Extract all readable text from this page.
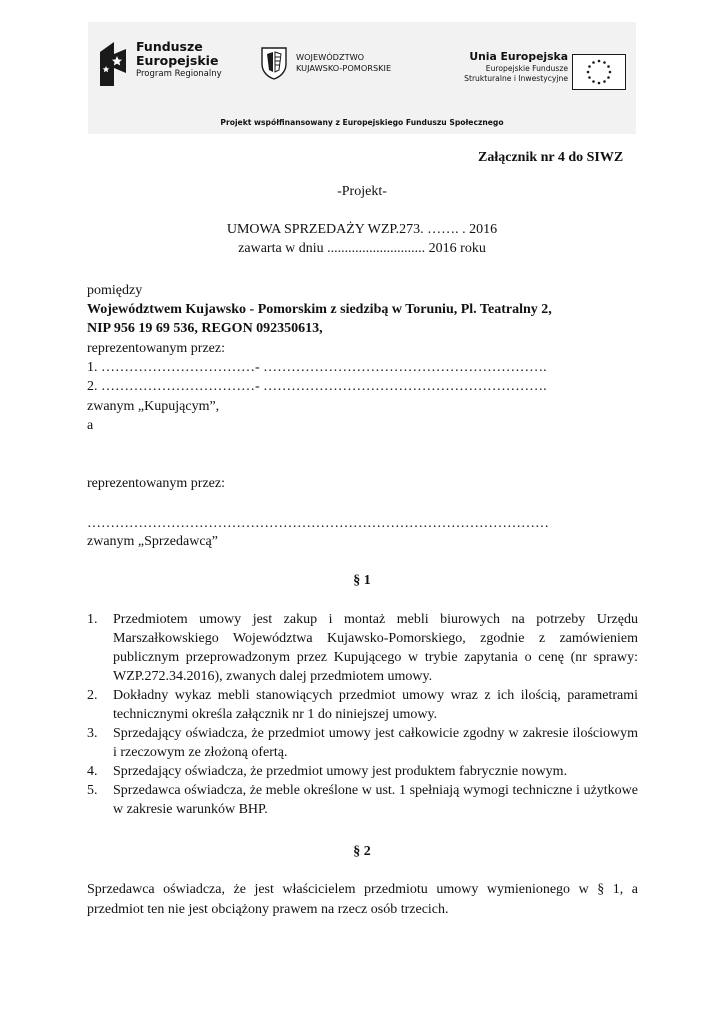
Fundusze
Europejskie
Program Regionalny
WOJEWÓDZTWO
KUJAWSKO-POMORSKIE
Unia Europejska
Europejskie Fundusze
Strukturalne i Inwestycyjne
Projekt współfinansowany z Europejskiego Funduszu Społecznego
Załącznik nr 4 do SIWZ
-Projekt-
UMOWA SPRZEDAŻY WZP.273. ……. . 2016
zawarta w dniu ............................ 2016 roku
pomiędzy
Województwem Kujawsko - Pomorskim z siedzibą w Toruniu, Pl. Teatralny 2,
NIP 956 19 69 536, REGON 092350613,
reprezentowanym przez:
1. ……………………………- …………………………………………………….
2. ……………………………- …………………………………………………….
zwanym „Kupującym”,
a
reprezentowanym przez:
………………………………………………………………………………………
zwanym „Sprzedawcą”
§ 1
1.	Przedmiotem umowy jest zakup i montaż mebli biurowych na potrzeby Urzędu Marszałkowskiego Województwa Kujawsko-Pomorskiego, zgodnie z zamówieniem publicznym przeprowadzonym przez Kupującego w trybie zapytania o cenę (nr sprawy: WZP.272.34.2016), zwanych dalej przedmiotem umowy.
2.	Dokładny wykaz mebli stanowiących przedmiot umowy wraz z ich ilością, parametrami technicznymi określa załącznik nr 1 do niniejszej umowy.
3.	Sprzedający oświadcza, że przedmiot umowy jest całkowicie zgodny w zakresie ilościowym i rzeczowym ze złożoną ofertą.
4.	Sprzedający oświadcza, że przedmiot umowy jest produktem fabrycznie nowym.
5.	Sprzedawca oświadcza, że meble określone w ust. 1 spełniają wymogi techniczne i użytkowe w zakresie warunków BHP.
§ 2

Sprzedawca oświadcza, że jest właścicielem przedmiotu umowy wymienionego w § 1, a przedmiot ten nie jest obciążony prawem na rzecz osób trzecich.
